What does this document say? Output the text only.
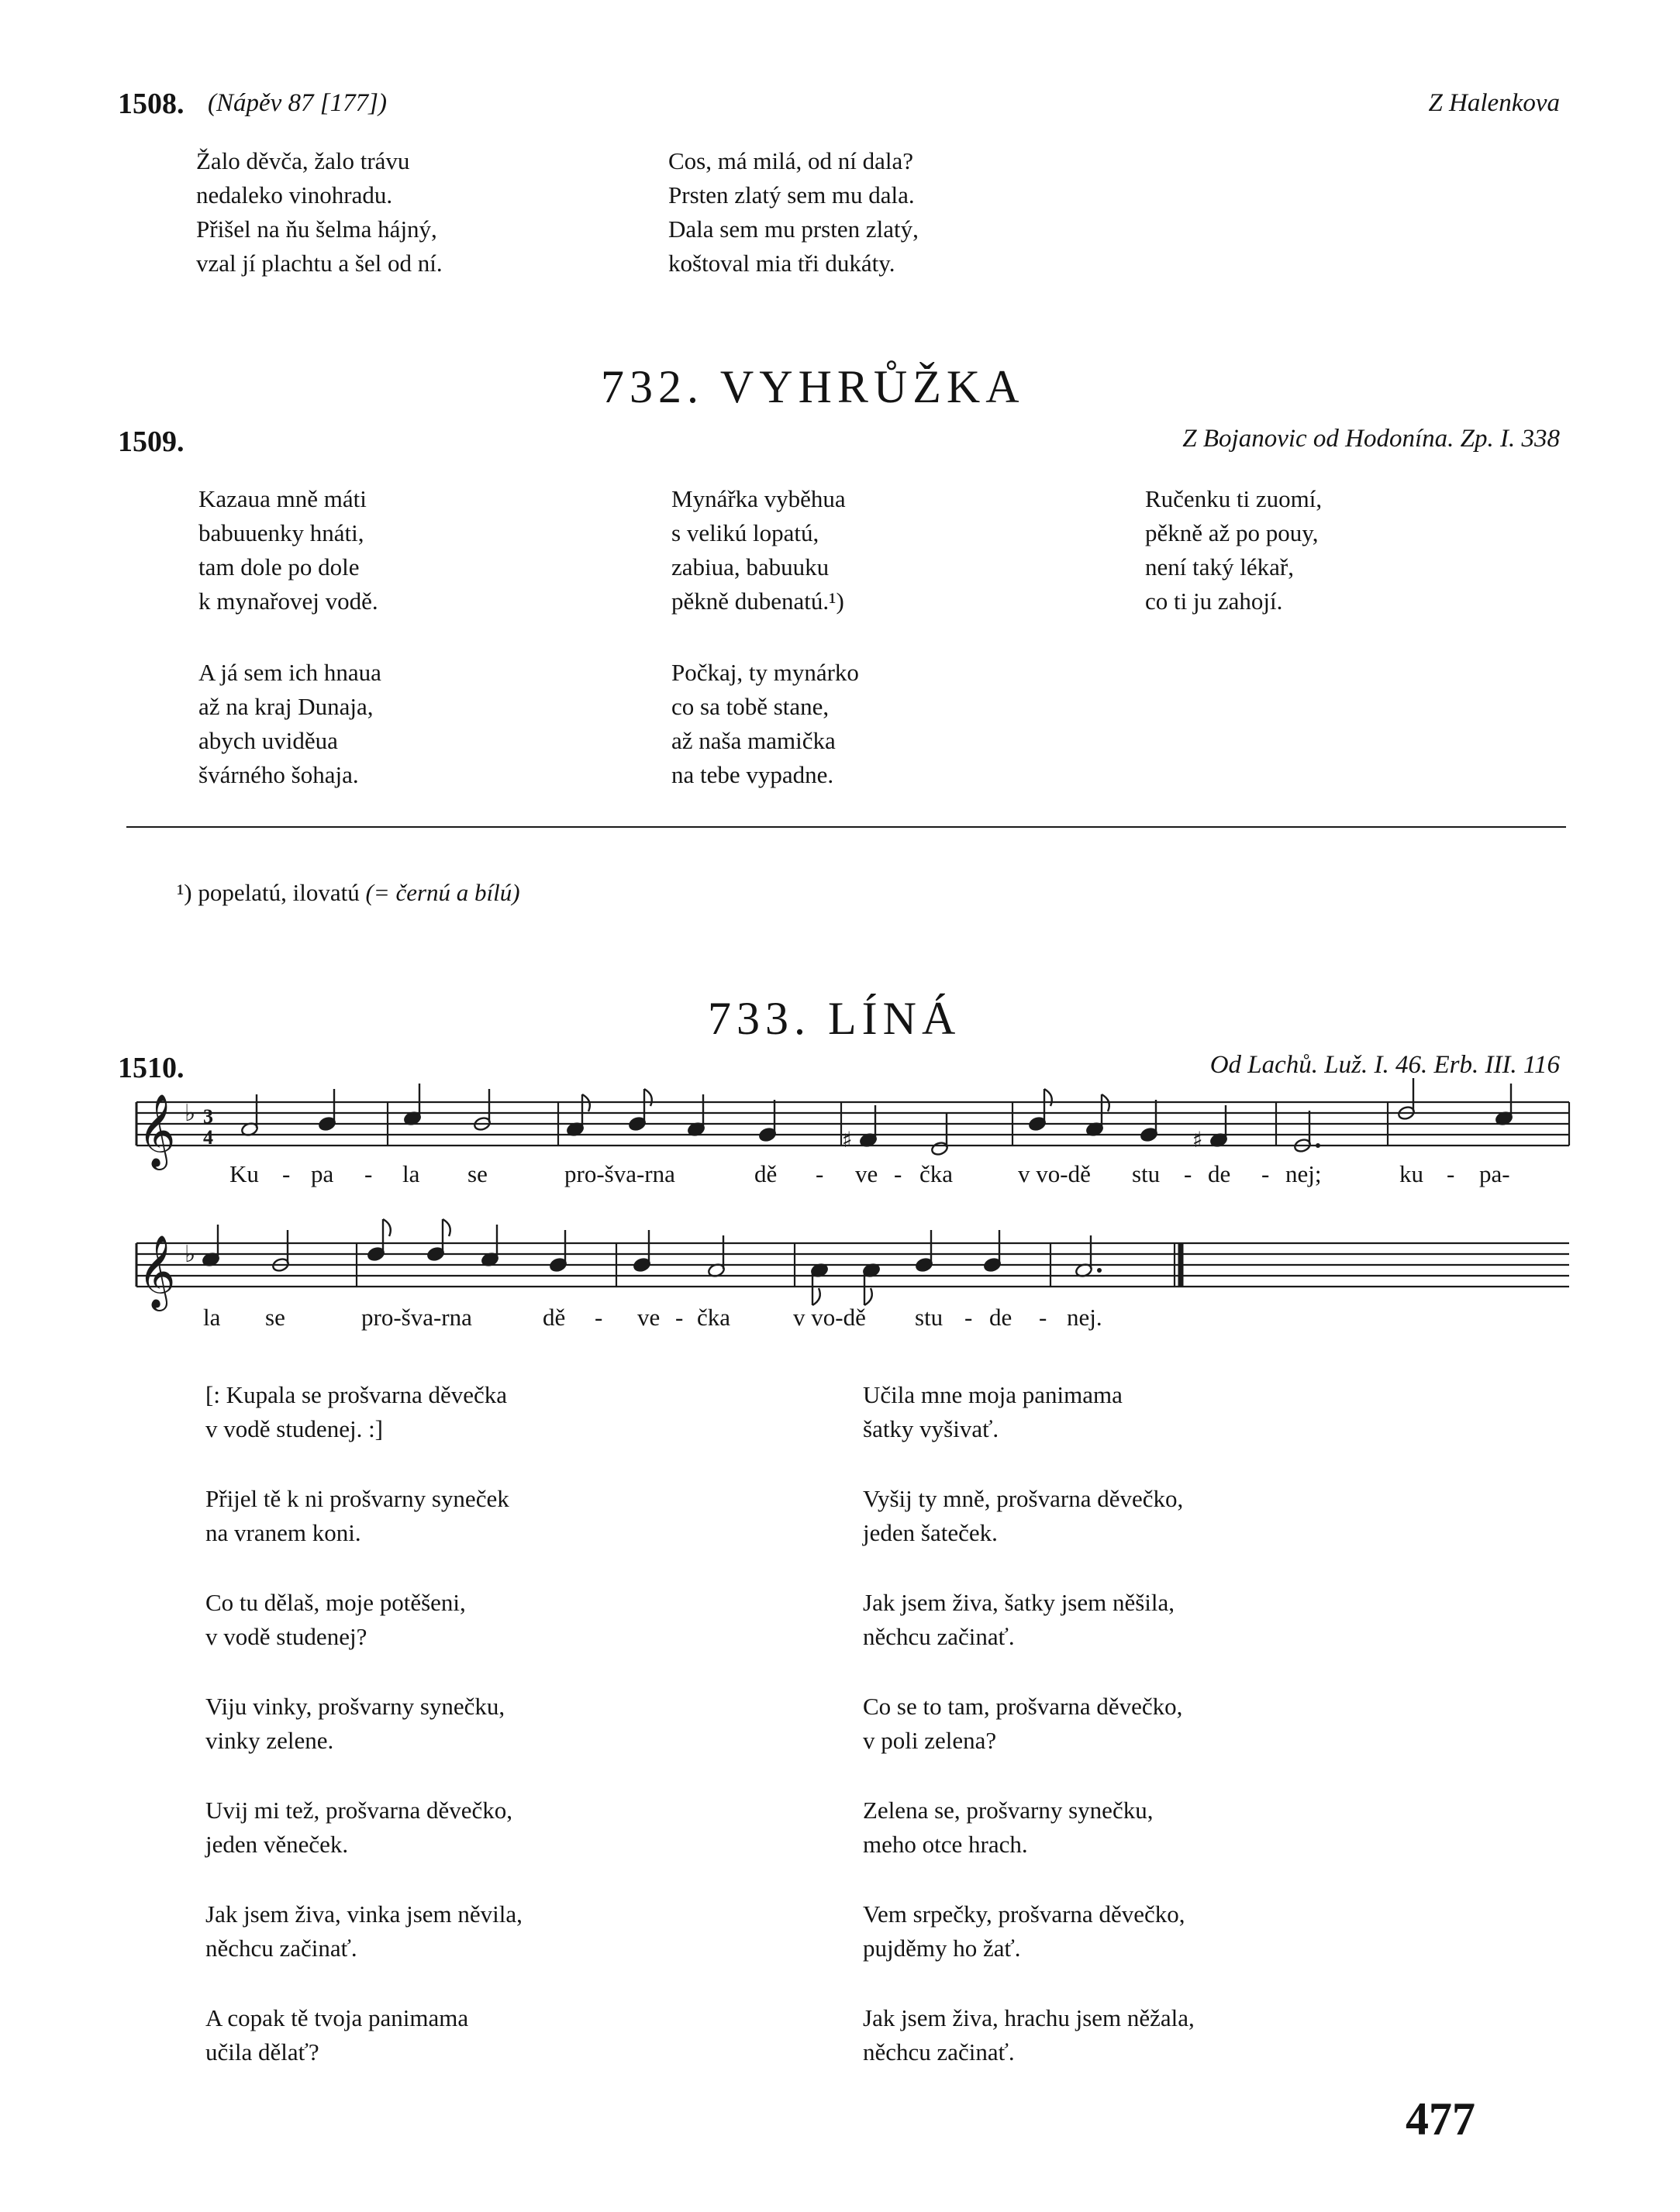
1508. (Nápěv 87 [177])	Z Halenkova
Žalo děvča, žalo trávu
nedaleko vinohradu.
Přišel na ňu šelma hájný,
vzal jí plachtu a šel od ní.
Cos, má milá, od ní dala?
Prsten zlatý sem mu dala.
Dala sem mu prsten zlatý,
koštoval mia tři dukáty.
732. VYHRŮŽKA
1509.	Z Bojanovic od Hodonína. Zp. I. 338
Kazaua mně máti
babuuenky hnáti,
tam dole po dole
k mynařovej vodě.
A já sem ich hnaua
až na kraj Dunaja,
abych uviděua
švárného šohaja.
Mynářka vyběhua
s velikú lopatú,
zabiua, babuuku
pěkně dubenatú.¹)
Počkaj, ty mynárko
co sa tobě stane,
až naša mamička
na tebe vypadne.
Ručenku ti zuomí,
pěkně až po pouy,
není taký lékař,
co ti ju zahojí.
¹) popelatú, ilovatú (= černú a bílú)
733. LÍNÁ
1510.	Od Lachů. Luž. I. 46. Erb. III. 116
𝄞 ♭ 3
4	♯	♯
Ku - pa - la se	pro-šva-rna	dě - ve - čka	v vo-dě stu - de - nej;	ku - pa-
𝄞 ♭
la se	pro-šva-rna	dě - ve - čka	v vo-dě stu - de - nej.
[: Kupala se prošvarna děvečka
v vodě studenej. :]
Přijel tě k ni prošvarny syneček
na vranem koni.
Co tu dělaš, moje potěšeni,
v vodě studenej?
Viju vinky, prošvarny synečku,
vinky zelene.
Uvij mi tež, prošvarna děvečko,
jeden věneček.
Jak jsem živa, vinka jsem něvila,
něchcu začinať.
A copak tě tvoja panimama
učila dělať?
Učila mne moja panimama
šatky vyšivať.
Vyšij ty mně, prošvarna děvečko,
jeden šateček.
Jak jsem živa, šatky jsem něšila,
něchcu začinať.
Co se to tam, prošvarna děvečko,
v poli zelena?
Zelena se, prošvarny synečku,
meho otce hrach.
Vem srpečky, prošvarna děvečko,
pujděmy ho žať.
Jak jsem živa, hrachu jsem něžala,
něchcu začinať.
477
